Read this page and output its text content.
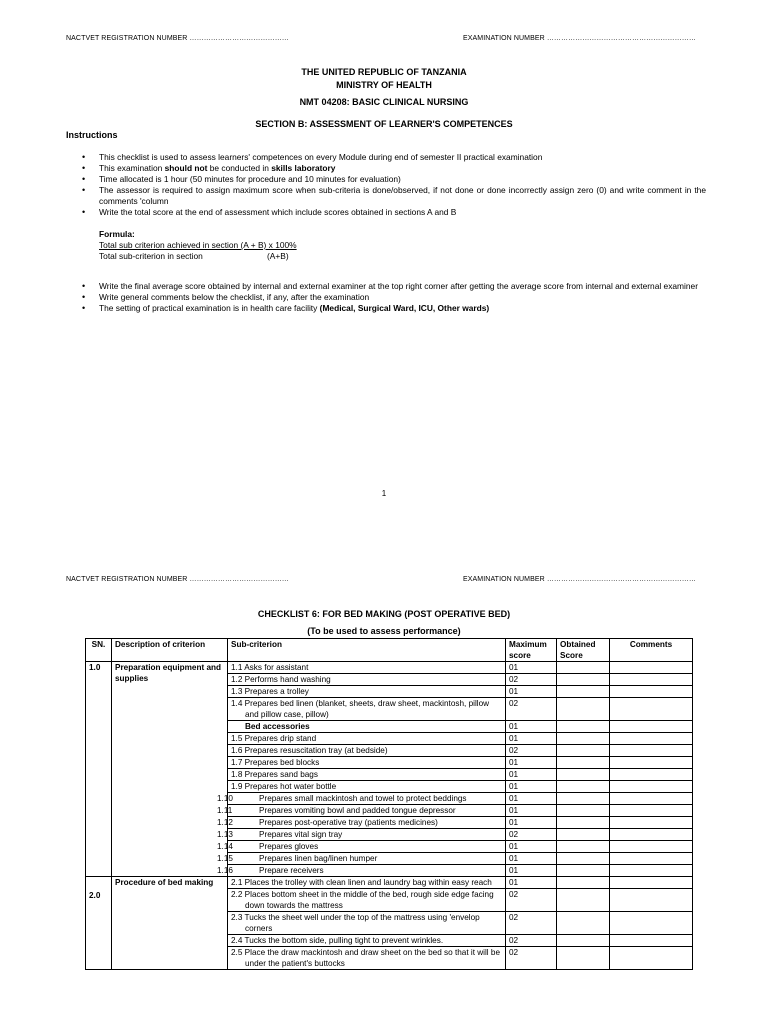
NACTVET REGISTRATION NUMBER ……………………………………	EXAMINATION NUMBER ………………………………………………………
THE UNITED REPUBLIC OF TANZANIA
MINISTRY OF HEALTH
NMT 04208: BASIC CLINICAL NURSING
SECTION B: ASSESSMENT OF LEARNER'S COMPETENCES
Instructions
• This checklist is used to assess learners' competences on every Module during end of semester II practical examination
• This examination should not be conducted in skills laboratory
• Time allocated is 1 hour (50 minutes for procedure and 10 minutes for evaluation)
• The assessor is required to assign maximum score when sub-criteria is done/observed, if not done or done incorrectly assign zero (0) and write comment in the comments 'column
• Write the total score at the end of assessment which include scores obtained in sections A and B
Formula:
Total sub criterion achieved in section (A + B) x 100%
Total sub-criterion in section	(A+B)
• Write the final average score obtained by internal and external examiner at the top right corner after getting the average score from internal and external examiner
• Write general comments below the checklist, if any, after the examination
• The setting of practical examination is in health care facility (Medical, Surgical Ward, ICU, Other wards)
1
NACTVET REGISTRATION NUMBER ……………………………………	EXAMINATION NUMBER ………………………………………………………
CHECKLIST 6: FOR BED MAKING (POST OPERATIVE BED)
(To be used to assess performance)
SN.	Description of criterion	Sub-criterion	Maximum
score	Obtained
Score	Comments
1.0	Preparation equipment and supplies	1.1 Asks for assistant	01		
		1.2 Performs hand washing	02		
		1.3 Prepares a trolley	01		
		1.4 Prepares bed linen (blanket, sheets, draw sheet, mackintosh, pillow and pillow case, pillow)	02		
		Bed accessories	01		
		1.5 Prepares drip stand	01		
		1.6 Prepares resuscitation tray (at bedside)	02		
		1.7 Prepares bed blocks	01		
		1.8 Prepares sand bags	01		
		1.9 Prepares hot water bottle	01		
		1.10 Prepares small mackintosh and towel to protect beddings	01		
		1.11 Prepares vomiting bowl and padded tongue depressor	01		
		1.12 Prepares post-operative tray (patients medicines)	01		
		1.13 Prepares vital sign tray	02		
		1.14 Prepares gloves	01		
		1.15 Prepares linen bag/linen humper	01		
		1.16 Prepare receivers	01		
2.0	Procedure of bed making	2.1 Places the trolley with clean linen and laundry bag within easy reach	01		
		2.2 Places bottom sheet in the middle of the bed, rough side edge facing down towards the mattress	02		
		2.3 Tucks the sheet well under the top of the mattress using 'envelop corners	02		
		2.4 Tucks the bottom side, pulling tight to prevent wrinkles.	02		
		2.5 Place the draw mackintosh and draw sheet on the bed so that it will be under the patient's buttocks	02		
